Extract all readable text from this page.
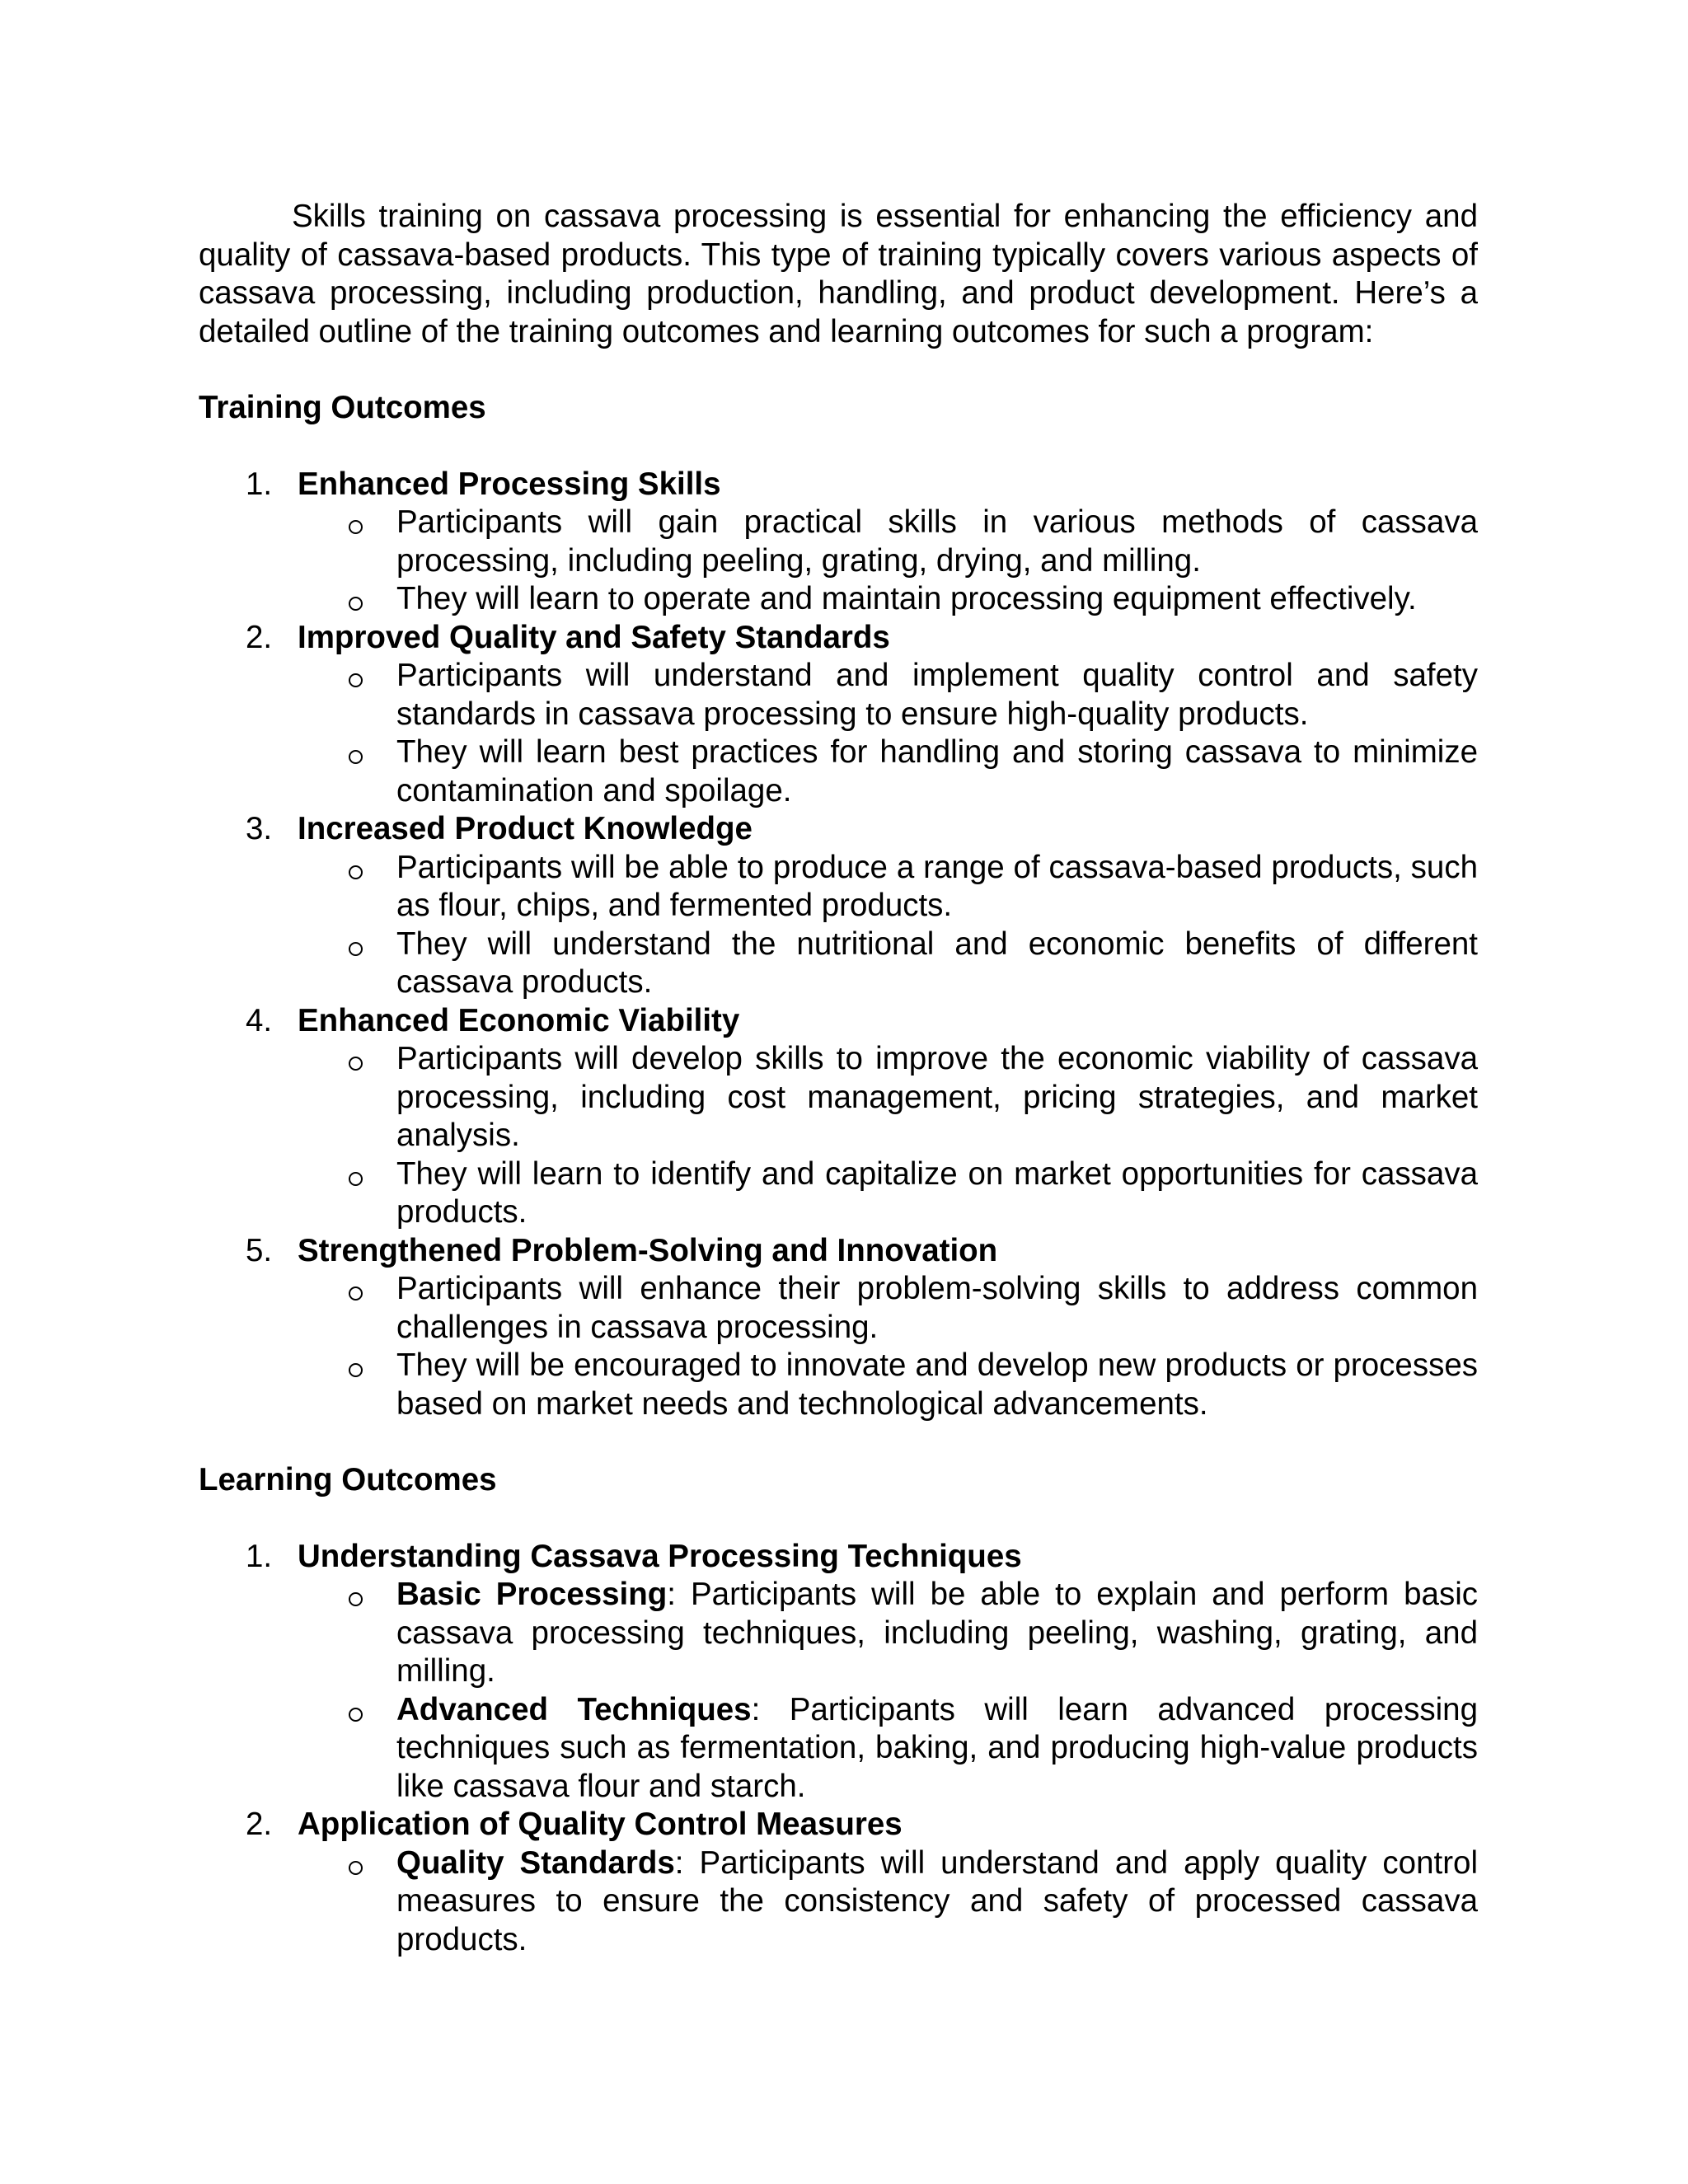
Skills training on cassava processing is essential for enhancing the efficiency and quality of cassava-based products. This type of training typically covers various aspects of cassava processing, including production, handling, and product development. Here’s a detailed outline of the training outcomes and learning outcomes for such a program:

Training Outcomes
1. Enhanced Processing Skills
Participants will gain practical skills in various methods of cassava processing, including peeling, grating, drying, and milling.
They will learn to operate and maintain processing equipment effectively.
2. Improved Quality and Safety Standards
Participants will understand and implement quality control and safety standards in cassava processing to ensure high-quality products.
They will learn best practices for handling and storing cassava to minimize contamination and spoilage.
3. Increased Product Knowledge
Participants will be able to produce a range of cassava-based products, such as flour, chips, and fermented products.
They will understand the nutritional and economic benefits of different cassava products.
4. Enhanced Economic Viability
Participants will develop skills to improve the economic viability of cassava processing, including cost management, pricing strategies, and market analysis.
They will learn to identify and capitalize on market opportunities for cassava products.
5. Strengthened Problem-Solving and Innovation
Participants will enhance their problem-solving skills to address common challenges in cassava processing.
They will be encouraged to innovate and develop new products or processes based on market needs and technological advancements.
Learning Outcomes
1. Understanding Cassava Processing Techniques
Basic Processing: Participants will be able to explain and perform basic cassava processing techniques, including peeling, washing, grating, and milling.
Advanced Techniques: Participants will learn advanced processing techniques such as fermentation, baking, and producing high-value products like cassava flour and starch.
2. Application of Quality Control Measures
Quality Standards: Participants will understand and apply quality control measures to ensure the consistency and safety of processed cassava products.
